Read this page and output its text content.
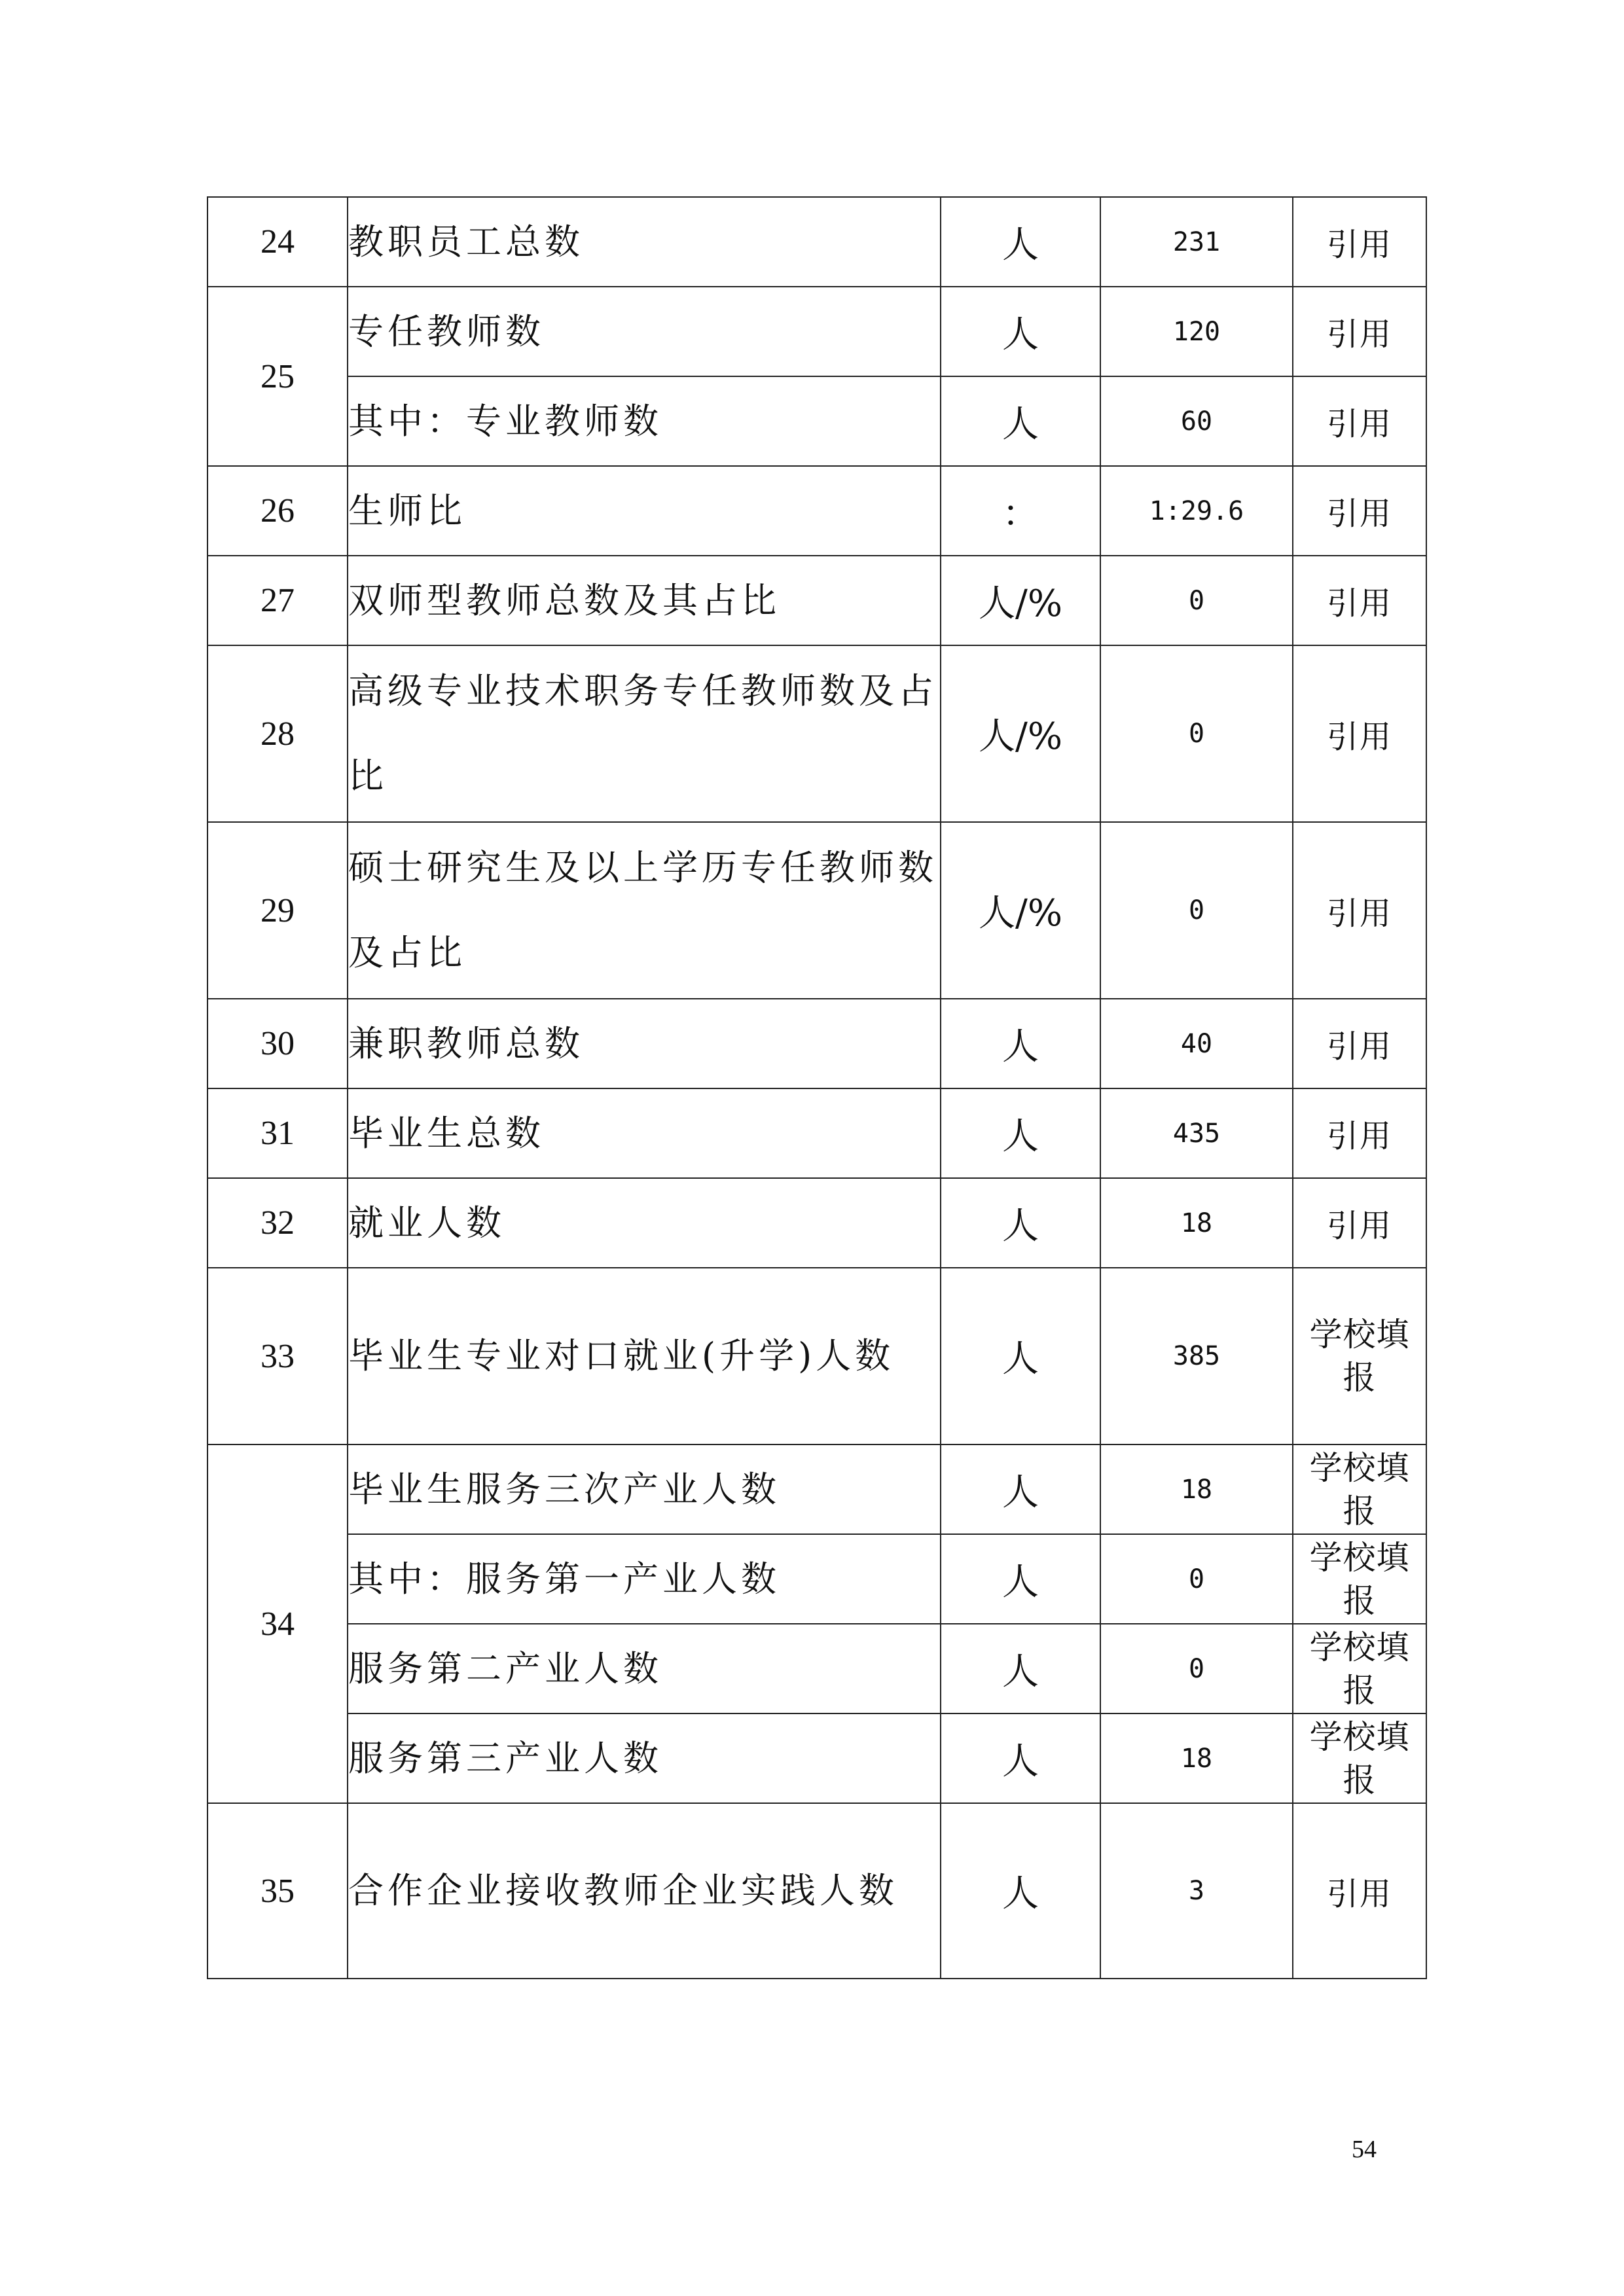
24	教职员工总数	人	231	引用
25	专任教师数	人	120	引用
	其中：专业教师数	人	60	引用
26	生师比	：	1:29.6	引用
27	双师型教师总数及其占比	人/%	0	引用
28	高级专业技术职务专任教师数及占比	人/%	0	引用
29	硕士研究生及以上学历专任教师数及占比	人/%	0	引用
30	兼职教师总数	人	40	引用
31	毕业生总数	人	435	引用
32	就业人数	人	18	引用
33	毕业生专业对口就业(升学)人数	人	385	学校填报
34	毕业生服务三次产业人数	人	18	学校填报
	其中：服务第一产业人数	人	0	学校填报
	服务第二产业人数	人	0	学校填报
	服务第三产业人数	人	18	学校填报
35	合作企业接收教师企业实践人数	人	3	引用
54
